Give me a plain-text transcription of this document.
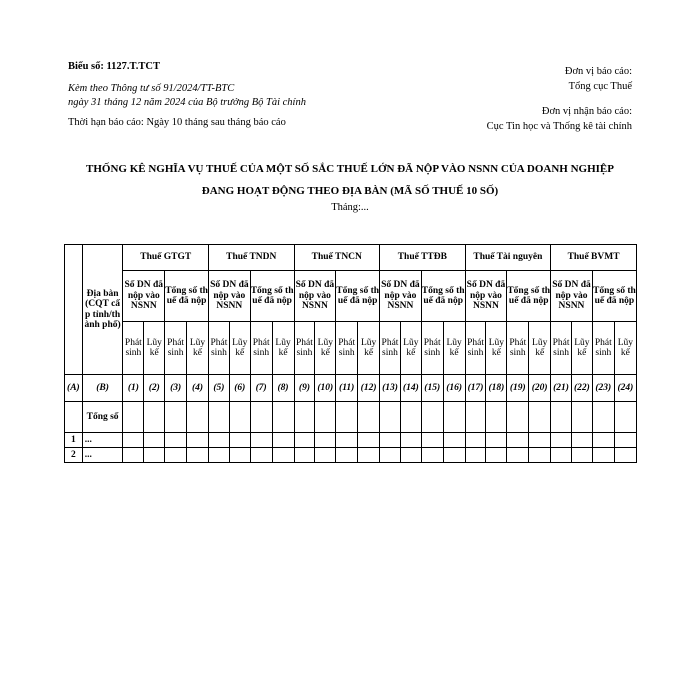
Biểu số: 1127.T.TCT
Kèm theo Thông tư số 91/2024/TT-BTC
ngày 31 tháng 12 năm 2024 của Bộ trưởng Bộ Tài chính
Thời hạn báo cáo: Ngày 10 tháng sau tháng báo cáo
Đơn vị báo cáo:
Tổng cục Thuế
Đơn vị nhận báo cáo:
Cục Tin học và Thống kê tài chính
THỐNG KÊ NGHĨA VỤ THUẾ CỦA MỘT SỐ SẮC THUẾ LỚN ĐÃ NỘP VÀO NSNN CỦA DOANH NGHIỆP
ĐANG HOẠT ĐỘNG THEO ĐỊA BÀN (MÃ SỐ THUẾ 10 SỐ)
Tháng:...
	Địa bàn (CQT cấp tỉnh/thành phố)	Thuế GTGT				Thuế TNDN				Thuế TNCN				Thuế TTĐB				Thuế Tài nguyên				Thuế BVMT			
		Số DN đã nộp vào NSNN		Tổng số thuế đã nộp		Số DN đã nộp vào NSNN		Tổng số thuế đã nộp		Số DN đã nộp vào NSNN		Tổng số thuế đã nộp		Số DN đã nộp vào NSNN		Tổng số thuế đã nộp		Số DN đã nộp vào NSNN		Tổng số thuế đã nộp		Số DN đã nộp vào NSNN		Tổng số thuế đã nộp	
		Phát sinh	Lũy kế	Phát sinh	Lũy kế	Phát sinh	Lũy kế	Phát sinh	Lũy kế	Phát sinh	Lũy kế	Phát sinh	Lũy kế	Phát sinh	Lũy kế	Phát sinh	Lũy kế	Phát sinh	Lũy kế	Phát sinh	Lũy kế	Phát sinh	Lũy kế	Phát sinh	Lũy kế
(A)	(B)	(1)	(2)	(3)	(4)	(5)	(6)	(7)	(8)	(9)	(10)	(11)	(12)	(13)	(14)	(15)	(16)	(17)	(18)	(19)	(20)	(21)	(22)	(23)	(24)
	Tổng số																								
1	...																								
2	...																								
